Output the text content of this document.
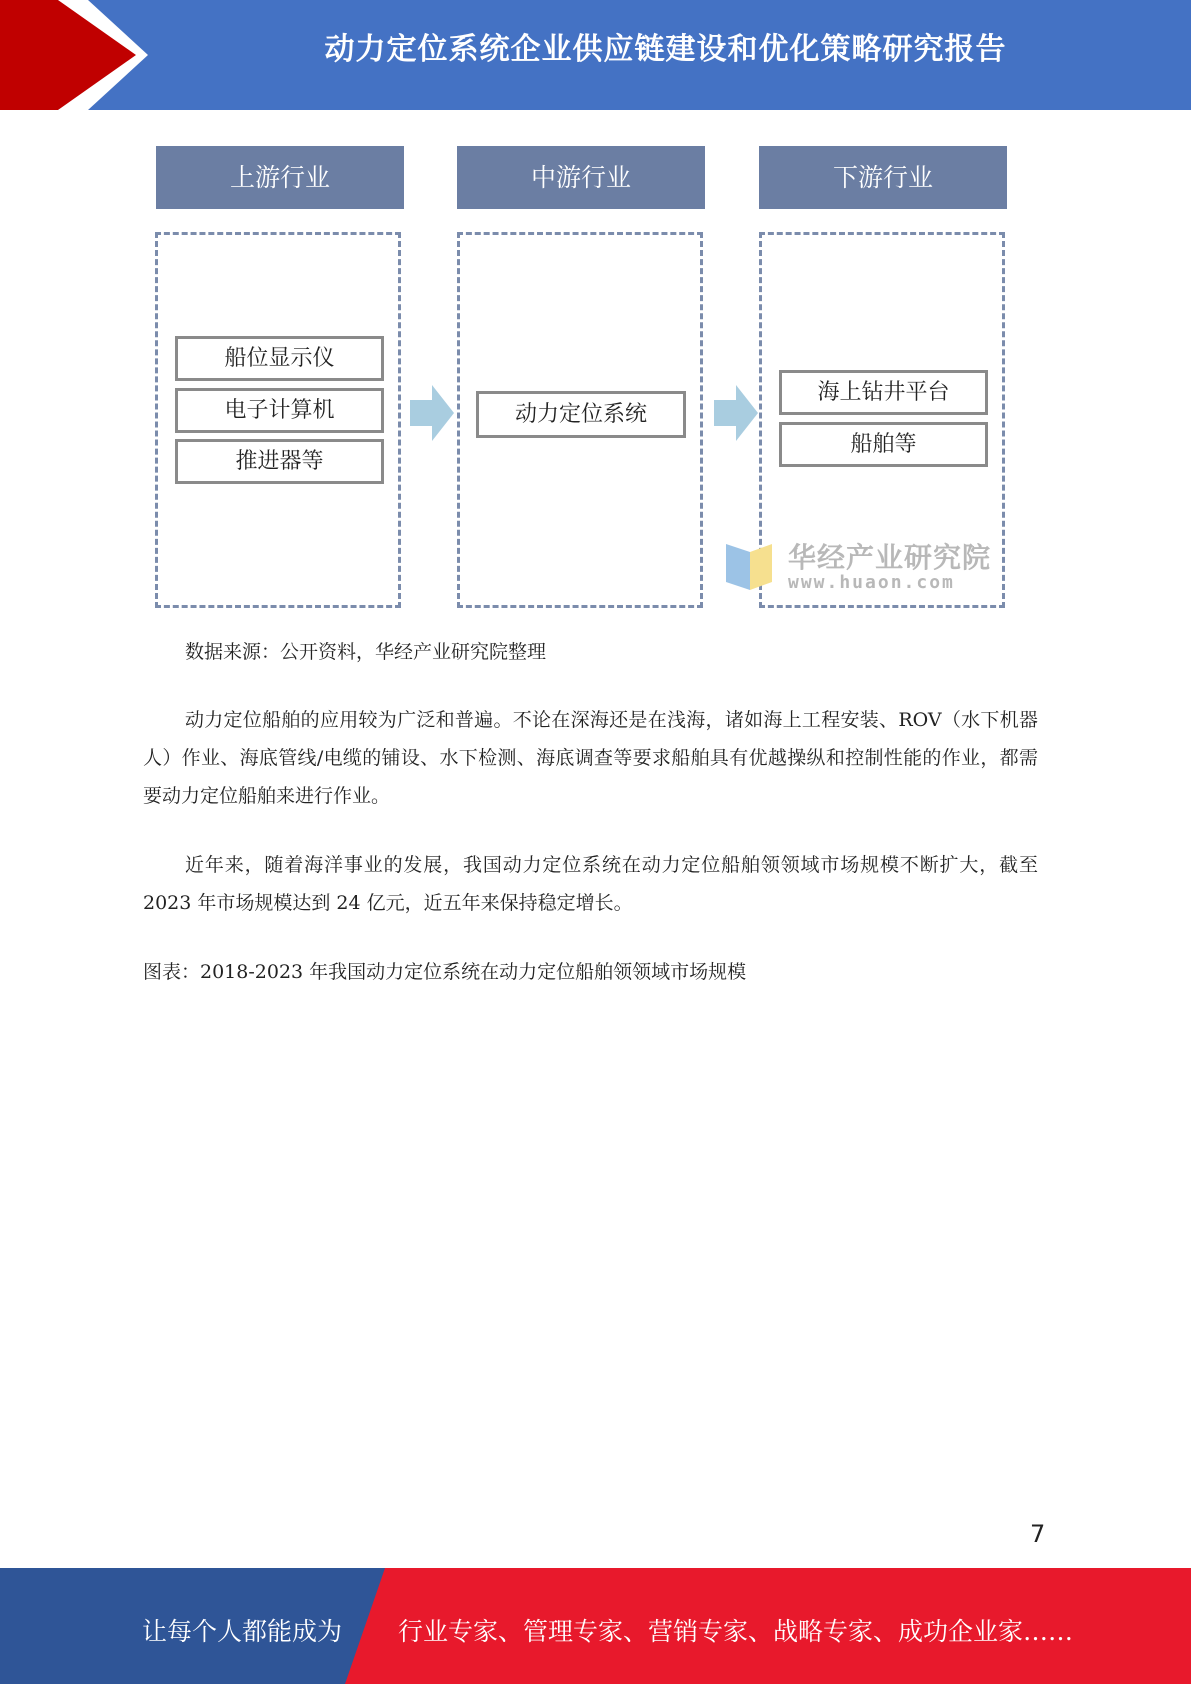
动力定位系统企业供应链建设和优化策略研究报告
上游行业	中游行业	下游行业
船位显示仪
电子计算机
推进器等
动力定位系统
海上钻井平台
船舶等
华经产业研究院
www.huaon.com
数据来源：公开资料，华经产业研究院整理

动力定位船舶的应用较为广泛和普遍。不论在深海还是在浅海，诸如海上工程安装、ROV（水下机器人）作业、海底管线/电缆的铺设、水下检测、海底调查等要求船舶具有优越操纵和控制性能的作业，都需要动力定位船舶来进行作业。

近年来，随着海洋事业的发展，我国动力定位系统在动力定位船舶领领域市场规模不断扩大，截至 2023 年市场规模达到 24 亿元，近五年来保持稳定增长。

图表：2018-2023 年我国动力定位系统在动力定位船舶领领域市场规模
7
让每个人都能成为 行业专家、管理专家、营销专家、战略专家、成功企业家……
